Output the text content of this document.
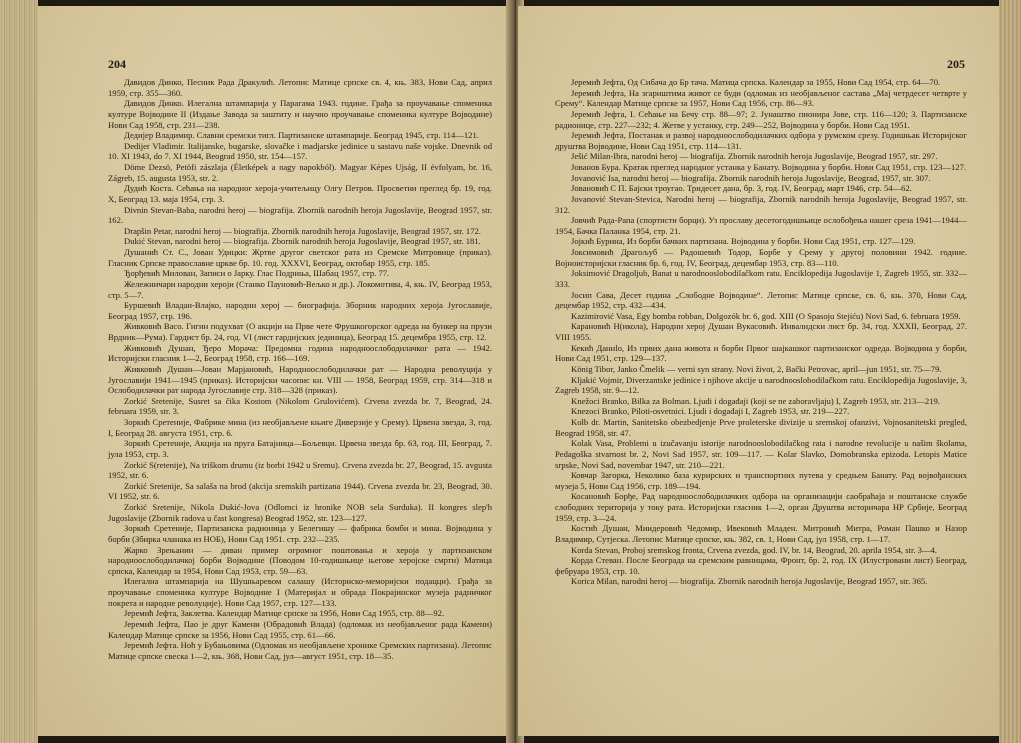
204

Давидов Динко, Песник Рада Дракулић. Летопис Матице српске св. 4, књ. 383, Нови Сад, април 1959, стр. 355—360.

Давидов Динко. Илегална штампарија у Парагама 1943. године. Грађа за проучавање споменика културе Војводине II (Издање Завода за заштиту и научно проучавање споменика културе Војводине) Нови Сад 1958, стр. 231—238.

Дедијер Владимир. Славни сремски тигл. Партизанске штампарије. Београд 1945, стр. 114—121.

Dedijer Vladimir. Italijanske, bugarske, slovačke i madjarske jedinice u sastavu naše vojske. Dnevnik od 10. XI 1943, do 7. XI 1944, Beograd 1950, str. 154—157.

Döme Dezsö, Petöfi zászlaja (Életképek a nagy napokból). Magyar Képes Ujság, II évfolyam, br. 16, Zágreb, 15. augusta 1953, str. 2.

Дудић Коста. Сећања на народног хероја-учитељицу Олгу Петров. Просветни преглед бр. 19, год. X, Београд 13. маја 1954, стр. 3.

Divnin Stevan-Baba, narodni heroj — biografija. Zbornik narodnih heroja Jugoslavije, Beograd 1957, str. 162.

Drapšin Petar, narodni heroj — biografija. Zbornik narodnih heroja Jugoslavije, Beograd 1957, str. 172.

Dukić Stevan, narodni heroj — biografija. Zbornik narodnih heroja Jugoslavije, Beograd 1957, str. 181.

Душанић Ст. С., Јован Удицки: Жртве другог светског рата из Сремске Митровице (приказ). Гласник Српске православне цркве бр. 10. год. XXXVI, Београд, октобар 1955, стр. 185.

Ђорђевић Милован, Записи о Јарку. Глас Подриња, Шабац 1957, стр. 77.

Жележничари народни хероји (Станко Пауновић-Вељко и др.). Локомотива, 4, књ. IV, Београд 1953, стр. 5—7.

Буршевић Владан-Влајко, народни херој — биографија. Зборник народних хероја Југославије, Београд 1957, стр. 196.

Живковић Васо. Гигин подухват (О акцији на Прве чете Фрушкогорског одреда на бункер на прузи Врдник—Рума). Гардист бр. 24, год. VI (лист гардијских јединица), Београд 15. децембра 1955, стр. 12.

Живковић Душан, Ђеро Морача: Предомна година народноослободилачког рата — 1942. Историјски гласник 1—2, Београд 1958, стр. 166—169.

Живковић Душан—Јован Марјановић, Народноослободилачки рат — Народна револуција у Југославији 1941—1945 (приказ). Историјски часопис кн. VIII — 1958, Београд 1959, стр. 314—318 и Ослободилачки рат народа Југославије стр. 318—328 (приказ).

Zorkić Sretenije, Susret sa čika Kostom (Nikolom Grulovićem). Crvena zvezda br. 7, Beograd, 24. februara 1959, str. 3.

Зоркић Сретеније, Фабрике мина (из необјављене књиге Диверзије у Срему). Црвена звезда, 3, год. I, Београд 28. августа 1951, стр. 6.

Зоркић Сретеније, Акција на пруга Батајница—Бољевци. Црвена звезда бр. 63, год. III, Београд, 7. јула 1953, стр. 3.

Zorkić S(retenije), Na triškom drumu (iz borbi 1942 u Sremu). Crvena zvezda br. 27, Beograd, 15. avgusta 1952, str. 6.

Zorkić Sretenije, Sa salaša na brod (akcija sremskih partizana 1944). Crvena zvezda br. 23, Beograd, 30. VI 1952, str. 6.

Zorkić Sretenije, Nikola Dukić-Jova (Odlomci iz hronike NOB sela Surduka). II kongres slep'h Jugoslavije (Zbornik radova u čast kongresa) Beograd 1952, str. 123—127.

Зоркић Сретеније, Партизанска радионица у Белегишу — фабрика бомби и мина. Војводина у борби (Збирка чланака из НОБ), Нови Сад 1951. стр. 232—235.

Жарко Зрењанин — диван пример огромног поштовања и хероја у партизанском народноослободилачкој борби Војводине (Поводом 10-годишњице његове херојске смрти) Матица српска, Календар за 1954, Нови Сад 1953, стр. 59—63.

Илегална штампарија на Шушњаревом салашу (Историско-меморијски подацци). Грађа за проучавање споменика културе Војводине I (Материјал и обрада Покрајинског музеја радничког покрета и народне револуције). Нови Сад 1957, стр. 127—133.

Јеремић Јефта, Заклетва. Календар Матице српске за 1956, Нови Сад 1955, стр. 88—92.

Јеремић Јефта, Пао је друг Камени (Обрадовић Влада) (одломак из необјављеног рада Камени) Календар Матице српске за 1956, Нови Сад 1955, стр. 61—66.

Јеремић Јефта. Ноћ у Бубањовима (Одломак из необјављене хронике Сремских партизана). Летопис Матице српске свеска 1—2, књ. 368, Нови Сад, јул—август 1951, стр. 18—35.

205

Јеремић Јефта, Од Сибача до Бр тача. Матица српска. Календар за 1955, Нови Сад 1954, стр. 64—70.

Јеремић Јефта, На згариштима живот се буди (одломак из необјављеног састава „Мај четрдесет четврте у Срему“. Календар Матице српске за 1957, Нови Сад 1956, стр. 86—93.

Јеремић Јефта, I. Сећање на Бечу стр. 88—97; 2. Јунаштво пионира Јове, стр. 116—120; 3. Партизанске радионице, стр. 227—232; 4. Жетве у устанку, стр. 249—252, Војводина у борби. Нови Сад 1951.

Јеремић Јефта, Постанак и развој народноослободилачких одбора у румском срезу. Годишњак Историјског друштва Војводине, Нови Сад 1951, стр. 114—131.

Ješić Milan-Ibra, narodni heroj — biografija. Zbornik narodnih heroja Jugoslavije, Beograd 1957, str. 297.

Јованов Бура. Кратак преглед народног устанка у Банату. Војводина у борби. Нови Сад 1951, стр. 123—127.

Jovanović Isa, narodni heroj — biografija. Zbornik narodnih heroja Jugoslavije, Beograd, 1957, str. 307.

Јовановић С П. Бајски троугао. Тридесет дана, бр. 3, год. IV, Београд, март 1946, стр. 54—62.

Jovanović Stevan-Stevica, Narodni heroj — biografija, Zbornik narodnih heroja Jugoslavije, Beograd 1957, str. 312.

Јовчић Рада-Рапа (спортисти борци). Уз прославу десетогодишњице ослобођења нашег среза 1941—1944—1954, Бачка Паланка 1954, стр. 21.

Јојкић Бурина, Из борби бачких партизана. Војводина у борби. Нови Сад 1951, стр. 127—129.

Јоксимовић Драгољуб — Радошевић Тодор, Борбе у Срему у другој половини 1942. године. Војноисторијски гласник бр. 6, год. IV, Београд, децембар 1953, стр. 83—110.

Joksimović Dragoljub, Banat u narodnooslobodilačkom ratu. Enciklopedija Jugoslavije 1, Zagreb 1955, str. 332—333.

Јосип Сава, Десет година „Слободне Војводине“. Летопис Матице српске, св. 6, књ. 370, Нови Сад, децембар 1952, стр. 432—434.

Kazimirović Vasa, Egy bomba robban, Dolgozók br. 6, god. XIII (O Spasoju Stejiću) Novi Sad, 6. februara 1959.

Карановић Н(икола), Народни херој Душан Вукасовић. Инвалидски лист бр. 34, год. XXXII, Београд, 27. VIII 1955.

Кекић Даниlo, Из првих дана живота и борби Првог шајкашког партизанског одреда. Војводина у борби, Нови Сад 1951, стр. 129—137.

König Tibor, Janko Čmelik — vernі syn strany. Novі život, 2, Bački Petrovac, april—jun 1951, str. 75—79.

Kljakić Vojmir, Diverzantske jedinice i njihove akcije u narodnooslobodilačkom ratu. Enciklopedija Jugoslavije, 3, Zagreb 1958, str. 9—12.

Knežoci Branko, Bilka za Bolman. Ljudi i događaji (koji se ne zaboravljaju) I, Zagreb 1953, str. 213—219.

Knezoci Branko, Piloti-osvetnici. Ljudi i događaji I, Zagreb 1953, str. 219—227.

Kolb dr. Martin, Sanitetsko obezbedjenje Prve proleterske divizije u sremskoj ofanzivi, Vojnosanitetski pregled, Beograd 1958, str. 47.

Kolak Vasa, Problemi u izučavanju istorije narodnooslobodilačkog rata i narodne revolucije u našim školama, Pedagoška stvarnost br. 2, Novi Sad 1957, str. 109—117. — Kolar Slavko, Domobranska epizoda. Letopis Matice srpske, Novi Sad, novembar 1947, str. 210—221.

Ковчар Загорка, Неколико база курирских и транспортних путева у средњем Банату. Рад војвођанских музеја 5, Нови Сад 1956, стр. 189—194.

Косановић Борђе, Рад народноослободилачких одбора на организацији саобраћаја и поштанске службе слободних територија у току рата. Историјски гласник 1—2, орган Друштва историчара НР Србије, Београд 1959, стр. 3—24.

Костић Душан, Миидеровић Чедомир, Ивековић Младен. Митровић Митра, Роман Пашко и Назор Владимир, Сутјеска. Летопис Матице српске, књ. 382, св. 1, Нови Сад, јул 1958, стр. 1—17.

Korda Stevan, Proboj sremskog fronta, Crvena zvezda, god. IV, br. 14, Beograd, 20. aprila 1954, str. 3—4.

Корда Стеван. После Београда на сремским равницама, Фронт, бр. 2, год. IX (Илустровани лист) Београд, фебруара 1953, стр. 10.

Korica Milan, narodni heroj — biografija. Zbornik narodnih heroja Jugoslavije, Beograd 1957, str. 365.
